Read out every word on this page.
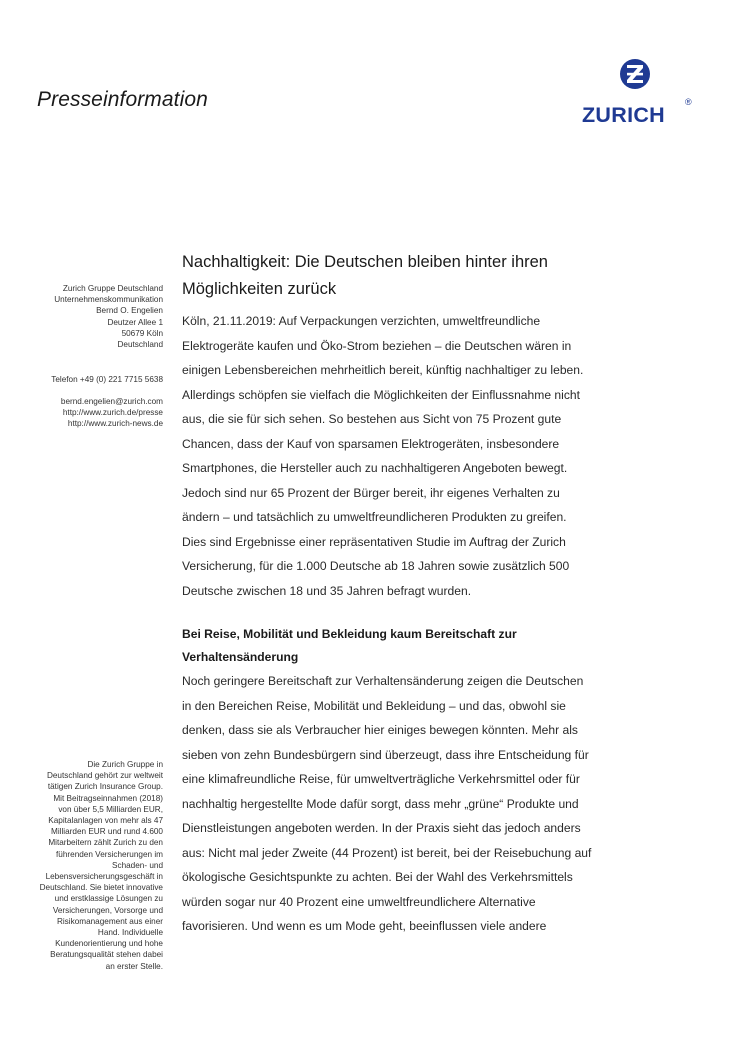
Presseinformation
ZURICH
®
Zurich Gruppe Deutschland
Unternehmenskommunikation
Bernd O. Engelien
Deutzer Allee 1
50679 Köln
Deutschland
Telefon +49 (0) 221 7715 5638
bernd.engelien@zurich.com
http://www.zurich.de/presse
http://www.zurich-news.de
Die Zurich Gruppe in
Deutschland gehört zur weltweit
tätigen Zurich Insurance Group.
Mit Beitragseinnahmen (2018)
von über 5,5 Milliarden EUR,
Kapitalanlagen von mehr als 47
Milliarden EUR und rund 4.600
Mitarbeitern zählt Zurich zu den
führenden Versicherungen im
Schaden- und
Lebensversicherungsgeschäft in
Deutschland. Sie bietet innovative
und erstklassige Lösungen zu
Versicherungen, Vorsorge und
Risikomanagement aus einer
Hand. Individuelle
Kundenorientierung und hohe
Beratungsqualität stehen dabei
an erster Stelle.
Nachhaltigkeit: Die Deutschen bleiben hinter ihren
Möglichkeiten zurück
Köln, 21.11.2019: Auf Verpackungen verzichten, umweltfreundliche
Elektrogeräte kaufen und Öko-Strom beziehen – die Deutschen wären in
einigen Lebensbereichen mehrheitlich bereit, künftig nachhaltiger zu leben.
Allerdings schöpfen sie vielfach die Möglichkeiten der Einflussnahme nicht
aus, die sie für sich sehen. So bestehen aus Sicht von 75 Prozent gute
Chancen, dass der Kauf von sparsamen Elektrogeräten, insbesondere
Smartphones, die Hersteller auch zu nachhaltigeren Angeboten bewegt.
Jedoch sind nur 65 Prozent der Bürger bereit, ihr eigenes Verhalten zu
ändern – und tatsächlich zu umweltfreundlicheren Produkten zu greifen.
Dies sind Ergebnisse einer repräsentativen Studie im Auftrag der Zurich
Versicherung, für die 1.000 Deutsche ab 18 Jahren sowie zusätzlich 500
Deutsche zwischen 18 und 35 Jahren befragt wurden.
Bei Reise, Mobilität und Bekleidung kaum Bereitschaft zur
Verhaltensänderung
Noch geringere Bereitschaft zur Verhaltensänderung zeigen die Deutschen
in den Bereichen Reise, Mobilität und Bekleidung – und das, obwohl sie
denken, dass sie als Verbraucher hier einiges bewegen könnten. Mehr als
sieben von zehn Bundesbürgern sind überzeugt, dass ihre Entscheidung für
eine klimafreundliche Reise, für umweltverträgliche Verkehrsmittel oder für
nachhaltig hergestellte Mode dafür sorgt, dass mehr „grüne“ Produkte und
Dienstleistungen angeboten werden. In der Praxis sieht das jedoch anders
aus: Nicht mal jeder Zweite (44 Prozent) ist bereit, bei der Reisebuchung auf
ökologische Gesichtspunkte zu achten. Bei der Wahl des Verkehrsmittels
würden sogar nur 40 Prozent eine umweltfreundlichere Alternative
favorisieren. Und wenn es um Mode geht, beeinflussen viele andere
